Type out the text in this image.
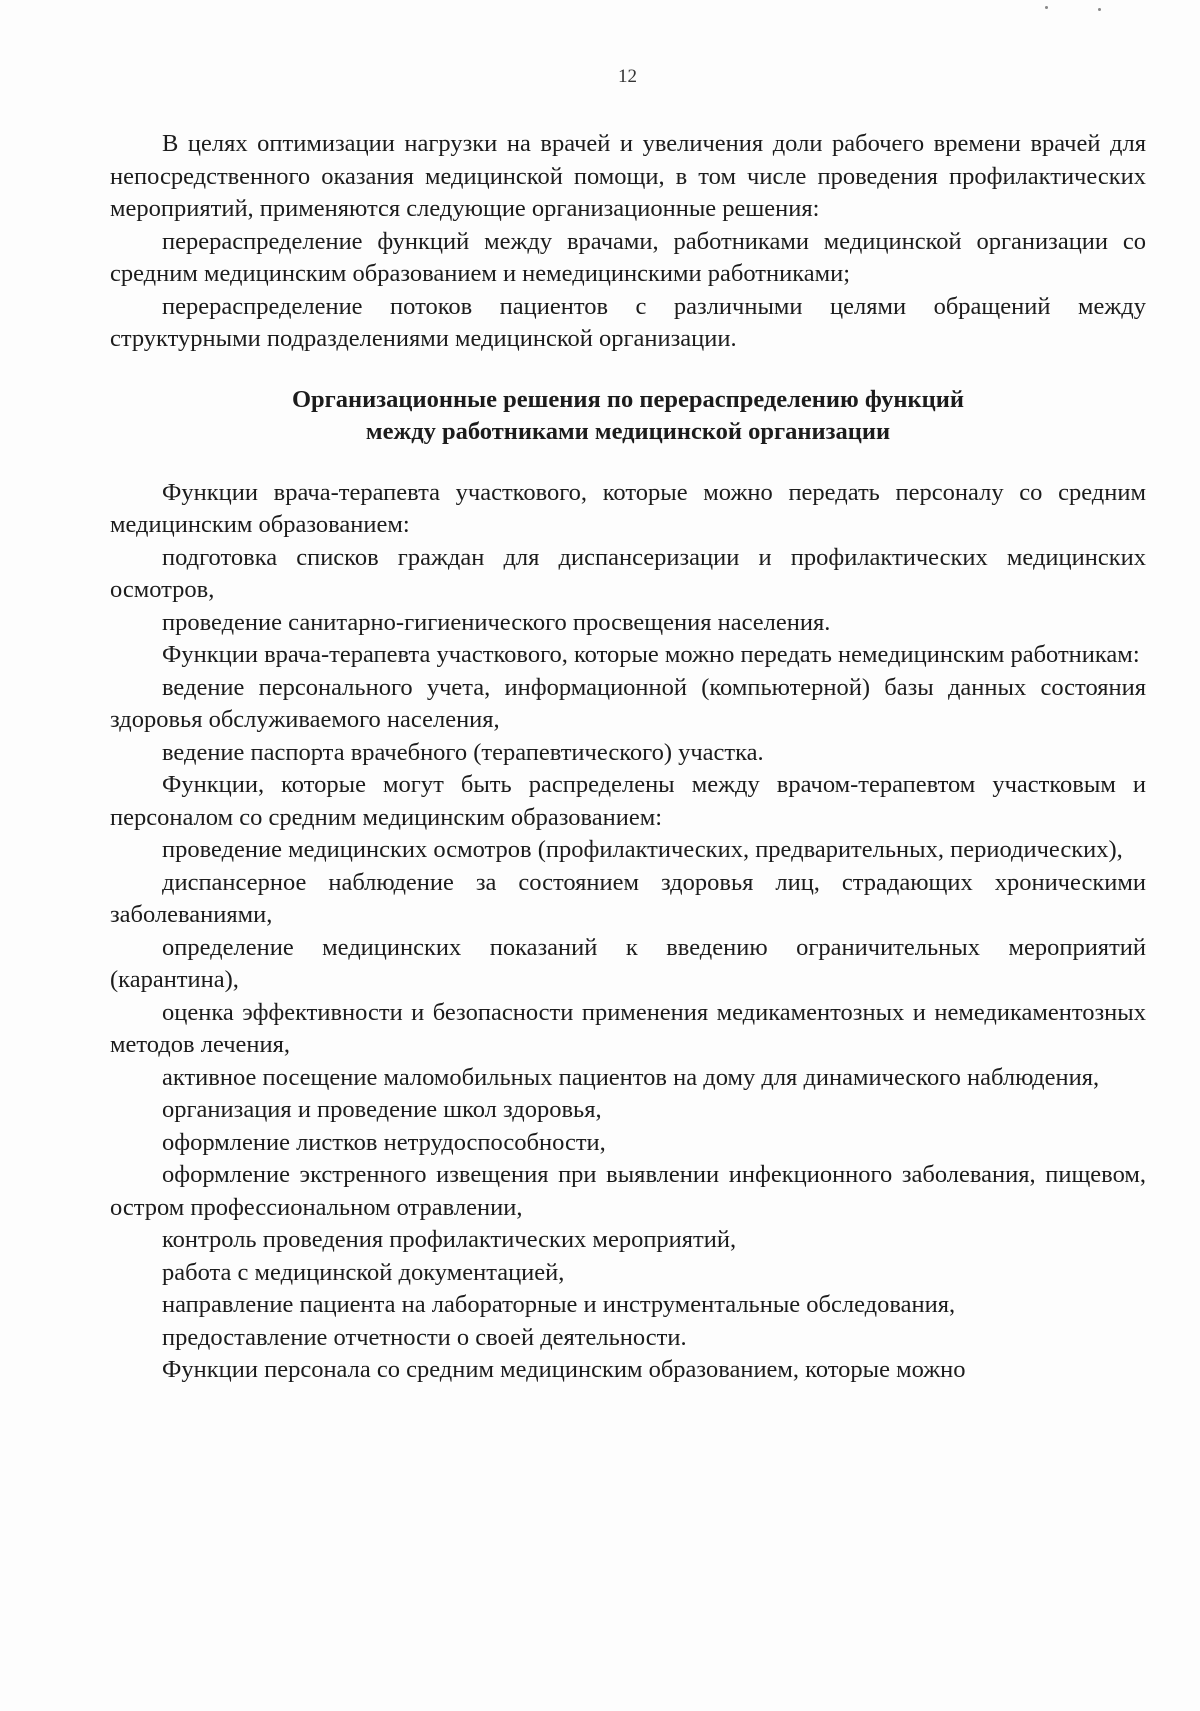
12

В целях оптимизации нагрузки на врачей и увеличения доли рабочего времени врачей для непосредственного оказания медицинской помощи, в том числе проведения профилактических мероприятий, применяются следующие организационные решения:

перераспределение функций между врачами, работниками медицинской организации со средним медицинским образованием и немедицинскими работниками;

перераспределение потоков пациентов с различными целями обращений между структурными подразделениями медицинской организации.

Организационные решения по перераспределению функций
между работниками медицинской организации

Функции врача-терапевта участкового, которые можно передать персоналу со средним медицинским образованием:

подготовка списков граждан для диспансеризации и профилактических медицинских осмотров,

проведение санитарно-гигиенического просвещения населения.

Функции врача-терапевта участкового, которые можно передать немедицинским работникам:

ведение персонального учета, информационной (компьютерной) базы данных состояния здоровья обслуживаемого населения,

ведение паспорта врачебного (терапевтического) участка.

Функции, которые могут быть распределены между врачом-терапевтом участковым и персоналом со средним медицинским образованием:

проведение медицинских осмотров (профилактических, предварительных, периодических),

диспансерное наблюдение за состоянием здоровья лиц, страдающих хроническими заболеваниями,

определение медицинских показаний к введению ограничительных мероприятий (карантина),

оценка эффективности и безопасности применения медикаментозных и немедикаментозных методов лечения,

активное посещение маломобильных пациентов на дому для динамического наблюдения,

организация и проведение школ здоровья,

оформление листков нетрудоспособности,

оформление экстренного извещения при выявлении инфекционного заболевания, пищевом, остром профессиональном отравлении,

контроль проведения профилактических мероприятий,

работа с медицинской документацией,

направление пациента на лабораторные и инструментальные обследования,

предоставление отчетности о своей деятельности.

Функции персонала со средним медицинским образованием, которые можно
